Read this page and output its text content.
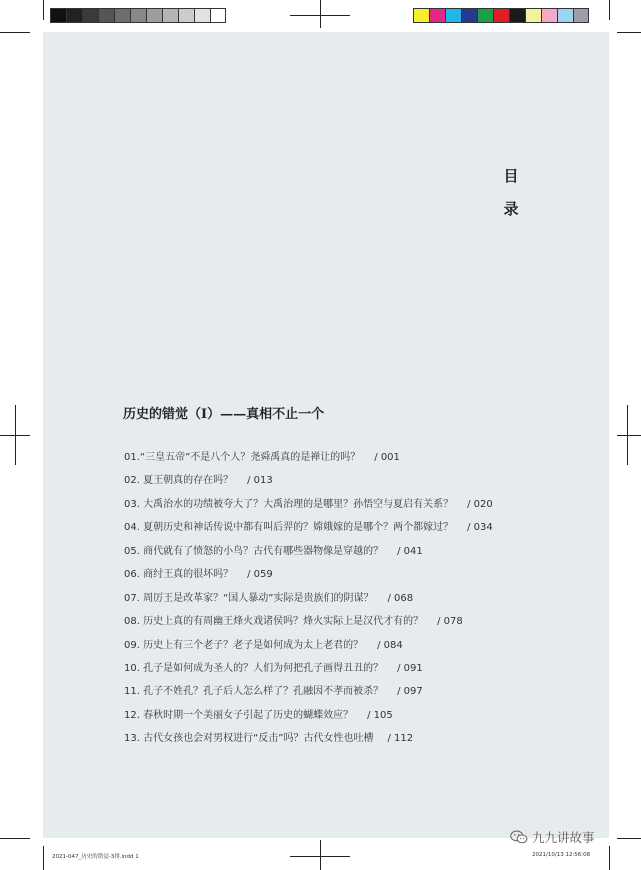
目
录
历史的错觉（I）——真相不止一个
01.“三皇五帝”不是八个人？尧舜禹真的是禅让的吗？ / 001
02. 夏王朝真的存在吗？ / 013
03. 大禹治水的功绩被夸大了？大禹治理的是哪里？孙悟空与夏启有关系？ / 020
04. 夏朝历史和神话传说中都有叫后羿的？嫦娥嫁的是哪个？两个都嫁过？ / 034
05. 商代就有了愤怒的小鸟？古代有哪些器物像是穿越的？ / 041
06. 商纣王真的很坏吗？ / 059
07. 周厉王是改革家？“国人暴动”实际是贵族们的阴谋？ / 068
08. 历史上真的有周幽王烽火戏诸侯吗？烽火实际上是汉代才有的？ / 078
09. 历史上有三个老子？老子是如何成为太上老君的？ / 084
10. 孔子是如何成为圣人的？人们为何把孔子画得丑丑的？ / 091
11. 孔子不姓孔？孔子后人怎么样了？孔融因不孝而被杀？ / 097
12. 春秋时期一个美丽女子引起了历史的蝴蝶效应？ / 105
13. 古代女孩也会对男权进行“反击”吗？古代女性也吐槽 / 112
2021-047_历史的错觉-3排.indd 1	2021/10/13 12:56:08
九九讲故事
